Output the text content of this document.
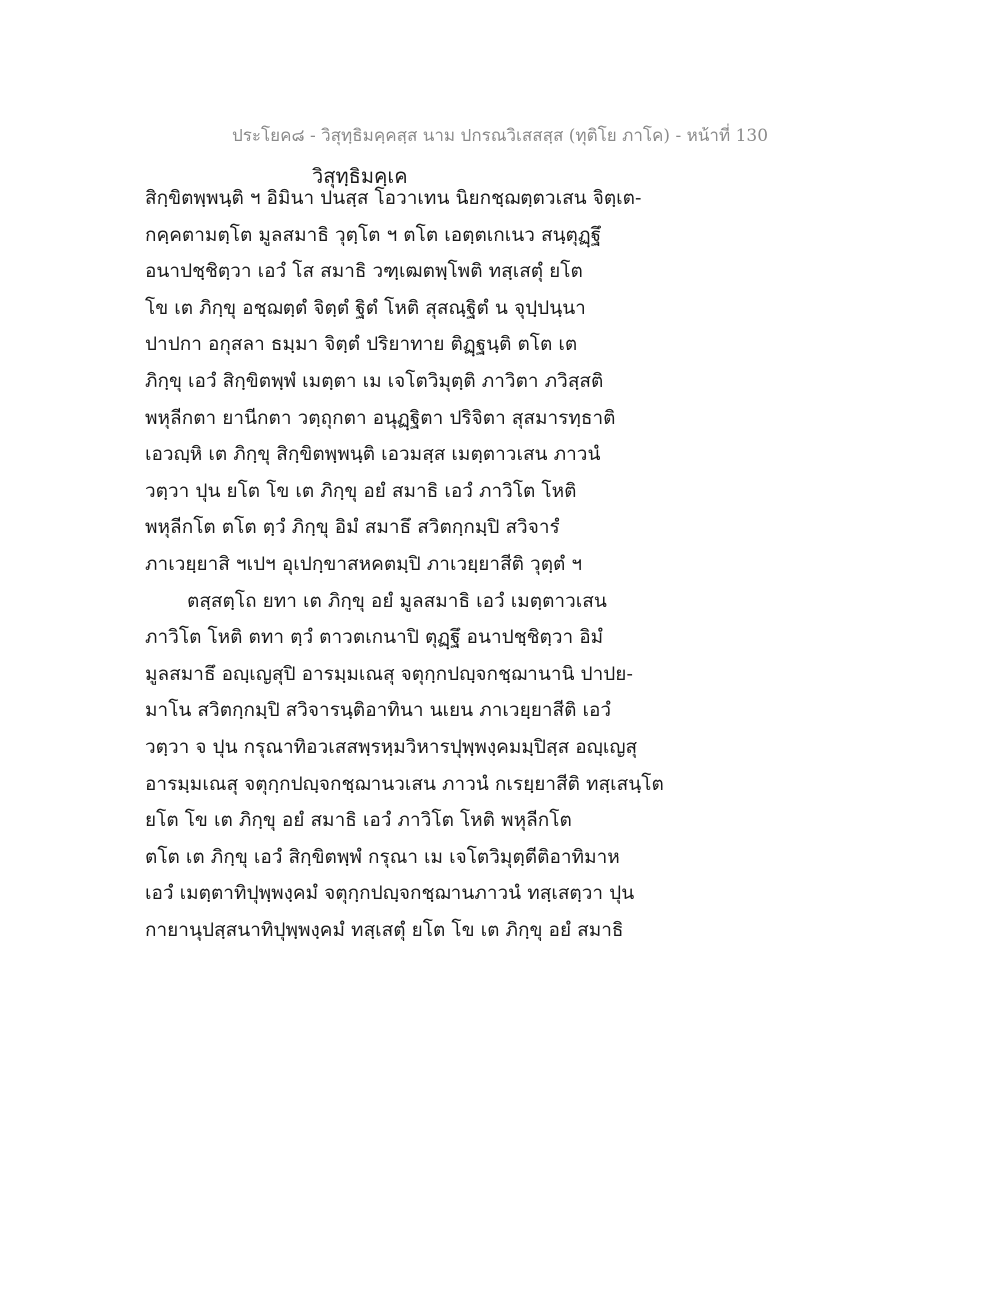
ประโยค๘ - วิสุทฺธิมคฺคสฺส นาม ปกรณวิเสสสฺส (ทุติโย ภาโค) - หน้าที่ 130
วิสุทฺธิมคฺเค
สิกฺขิตพฺพนฺติ ฯ อิมินา ปนสฺส โอวาเทน นิยกชฺฌตฺตวเสน จิตฺเต-
กคฺคตามตฺโต มูลสมาธิ วุตฺโต ฯ ตโต เอตฺตเกเนว สนฺตุฏฺฐึ
อนาปชฺชิตฺวา เอวํ โส สมาธิ วฑฺเฒตพฺโพติ ทสฺเสตุํ ยโต
โข เต ภิกฺขุ อชฺฌตฺตํ จิตฺตํ ฐิตํ โหติ สุสณฺฐิตํ น จุปฺปนฺนา
ปาปกา อกุสลา ธมฺมา จิตฺตํ ปริยาทาย ติฏฺฐนฺติ ตโต เต
ภิกฺขุ เอวํ สิกฺขิตพฺพํ เมตฺตา เม เจโตวิมุตฺติ ภาวิตา ภวิสฺสติ
พหุลีกตา ยานีกตา วตฺถุกตา อนุฏฺฐิตา ปริจิตา สุสมารทฺธาติ
เอวญฺหิ เต ภิกฺขุ สิกฺขิตพฺพนฺติ เอวมสฺส เมตฺตาวเสน ภาวนํ
วตฺวา ปุน ยโต โข เต ภิกฺขุ อยํ สมาธิ เอวํ ภาวิโต โหติ
พหุลีกโต ตโต ตฺวํ ภิกฺขุ อิมํ สมาธึ สวิตกฺกมฺปิ สวิจารํ
ภาเวยฺยาสิ ฯเปฯ อุเปกฺขาสหคตมฺปิ ภาเวยฺยาสีติ วุตฺตํ ฯ
ตสฺสตฺโถ ยทา เต ภิกฺขุ อยํ มูลสมาธิ เอวํ เมตฺตาวเสน
ภาวิโต โหติ ตทา ตฺวํ ตาวตเกนาปิ ตุฏฺฐึ อนาปชฺชิตฺวา อิมํ
มูลสมาธึ อญฺเญสุปิ อารมฺมเณสุ จตุกฺกปญฺจกชฺฌานานิ ปาปย-
มาโน สวิตกฺกมฺปิ สวิจารนฺติอาทินา นเยน ภาเวยฺยาสีติ เอวํ
วตฺวา จ ปุน กรุณาทิอวเสสพฺรหฺมวิหารปุพฺพงฺคมมฺปิสฺส อญฺเญสุ
อารมฺมเณสุ จตุกฺกปญฺจกชฺฌานวเสน ภาวนํ กเรยฺยาสีติ ทสฺเสนฺโต
ยโต โข เต ภิกฺขุ อยํ สมาธิ เอวํ ภาวิโต โหติ พหุลีกโต
ตโต เต ภิกฺขุ เอวํ สิกฺขิตพฺพํ กรุณา เม เจโตวิมุตฺตีติอาทิมาห
เอวํ เมตฺตาทิปุพฺพงฺคมํ จตุกฺกปญฺจกชฺฌานภาวนํ ทสฺเสตฺวา ปุน
กายานุปสฺสนาทิปุพฺพงฺคมํ ทสฺเสตุํ ยโต โข เต ภิกฺขุ อยํ สมาธิ
